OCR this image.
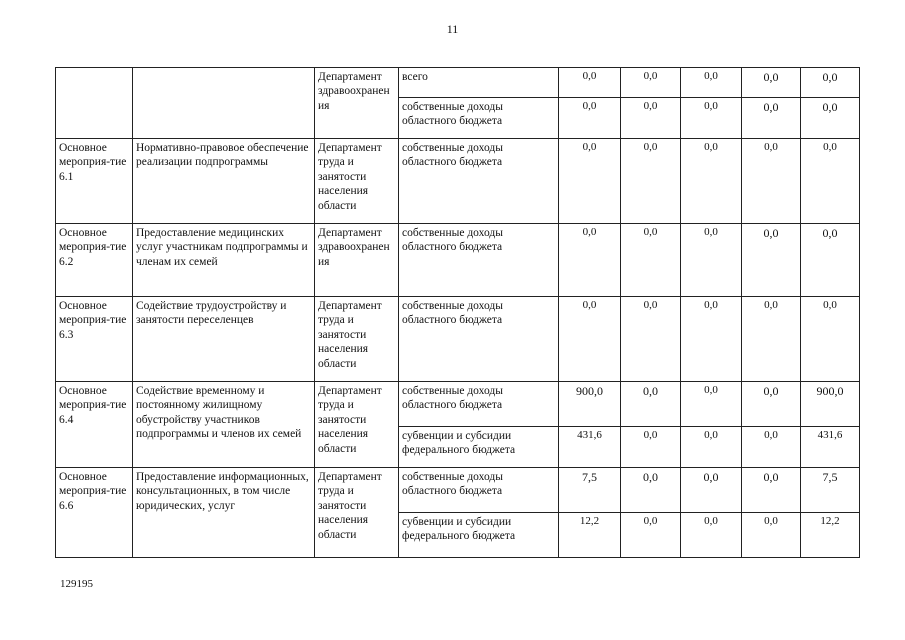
11
		Департамент здравоохранения	всего	0,0	0,0	0,0	0,0	0,0
			собственные доходы областного бюджета	0,0	0,0	0,0	0,0	0,0
Основное мероприя-тие 6.1	Нормативно-правовое обеспечение реализации подпрограммы	Департамент труда и занятости населения области	собственные доходы областного бюджета	0,0	0,0	0,0	0,0	0,0
Основное мероприя-тие 6.2	Предоставление медицинских услуг участникам подпрограммы и членам их семей	Департамент здравоохранения	собственные доходы областного бюджета	0,0	0,0	0,0	0,0	0,0
Основное мероприя-тие 6.3	Содействие трудоустройству и занятости переселенцев	Департамент труда и занятости населения области	собственные доходы областного бюджета	0,0	0,0	0,0	0,0	0,0
Основное мероприя-тие 6.4	Содействие временному и постоянному жилищному обустройству участников подпрограммы и членов их семей	Департамент труда и занятости населения области	собственные доходы областного бюджета	900,0	0,0	0,0	0,0	900,0
			субвенции и субсидии федерального бюджета	431,6	0,0	0,0	0,0	431,6
Основное мероприя-тие 6.6	Предоставление информационных, консультационных, в том числе юридических, услуг	Департамент труда и занятости населения области	собственные доходы областного бюджета	7,5	0,0	0,0	0,0	7,5
			субвенции и субсидии федерального бюджета	12,2	0,0	0,0	0,0	12,2
129195
